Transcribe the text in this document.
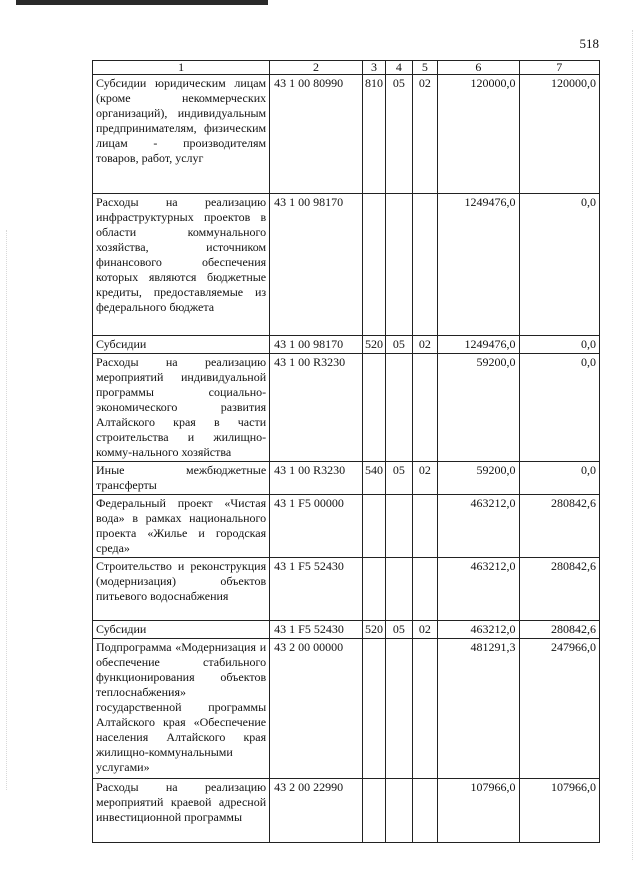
518
1	2	3	4	5	6	7
Субсидии юридическим лицам (кроме некоммерческих организаций), индивидуальным предпринимателям, физическим лицам - производителям товаров, работ, услуг	43 1 00 80990	810	05	02	120000,0	120000,0
Расходы на реализацию инфраструктурных проектов в области коммунального хозяйства, источником финансового обеспечения которых являются бюджетные кредиты, предоставляемые из федерального бюджета	43 1 00 98170				1249476,0	0,0
Субсидии	43 1 00 98170	520	05	02	1249476,0	0,0
Расходы на реализацию мероприятий индивидуальной программы социально-экономического развития Алтайского края в части строительства и жилищно-комму-нального хозяйства	43 1 00 R3230				59200,0	0,0
Иные межбюджетные трансферты	43 1 00 R3230	540	05	02	59200,0	0,0
Федеральный проект «Чистая вода» в рамках национального проекта «Жилье и городская среда»	43 1 F5 00000				463212,0	280842,6
Строительство и реконструкция (модернизация) объектов питьевого водоснабжения	43 1 F5 52430				463212,0	280842,6
Субсидии	43 1 F5 52430	520	05	02	463212,0	280842,6
Подпрограмма «Модернизация и обеспечение стабильного функционирования объектов теплоснабжения» государственной программы Алтайского края «Обеспечение населения Алтайского края жилищно-коммунальными услугами»	43 2 00 00000				481291,3	247966,0
Расходы на реализацию мероприятий краевой адресной инвестиционной программы	43 2 00 22990				107966,0	107966,0
